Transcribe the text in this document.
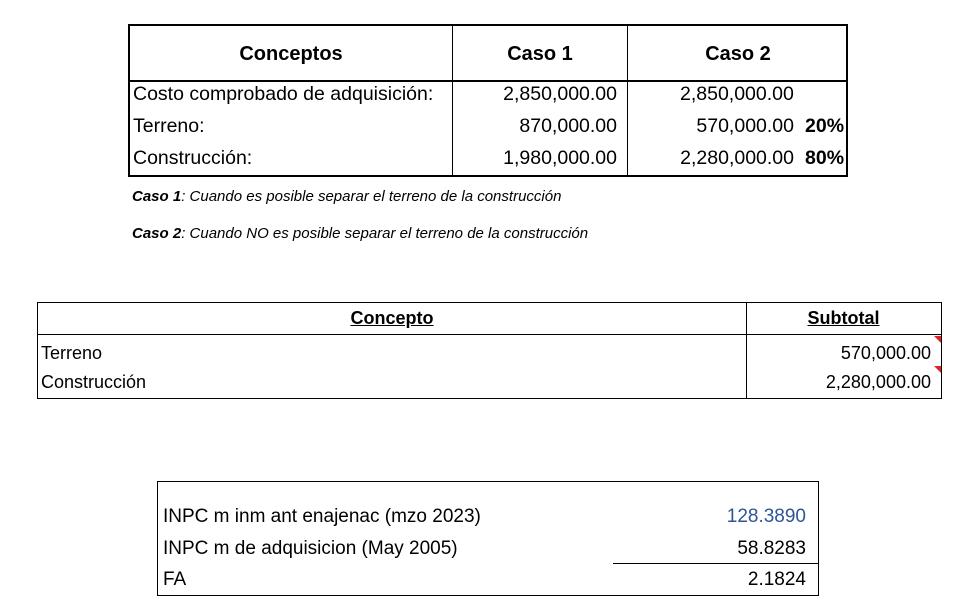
Conceptos	Caso 1	Caso 2
Costo comprobado de adquisición:	2,850,000.00	2,850,000.00
Terreno:	870,000.00	570,000.00 20%
Construcción:	1,980,000.00	2,280,000.00 80%
Caso 1: Cuando es posible separar el terreno de la construcción
Caso 2: Cuando NO es posible separar el terreno de la construcción
Concepto	Subtotal
Terreno	570,000.00
Construcción	2,280,000.00
INPC m inm ant enajenac (mzo 2023)	128.3890
INPC m de adquisicion (May 2005)	58.8283
FA	2.1824
